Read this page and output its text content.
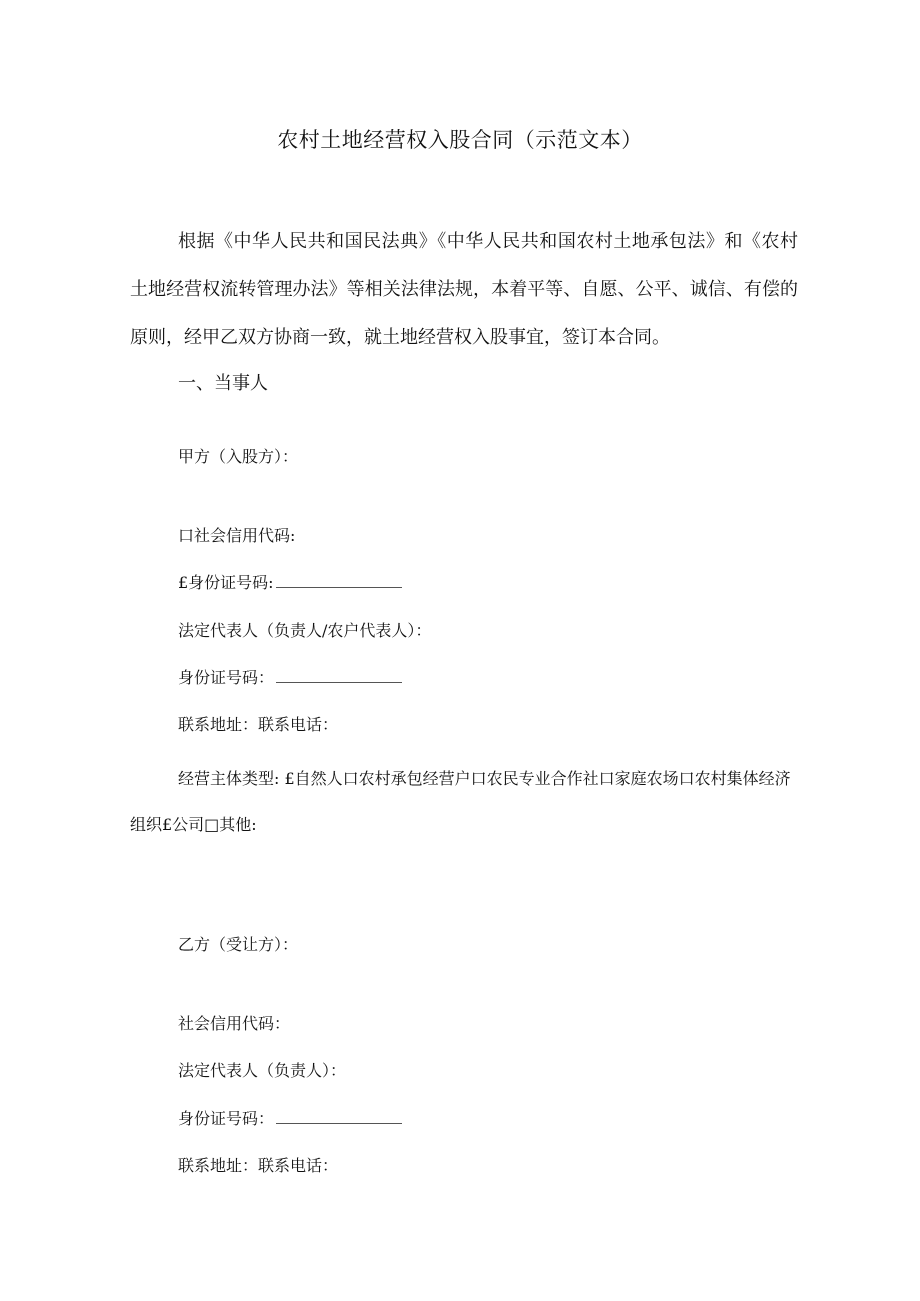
农村土地经营权入股合同（示范文本）

根据《中华人民共和国民法典》《中华人民共和国农村土地承包法》和《农村土地经营权流转管理办法》等相关法律法规，本着平等、自愿、公平、诚信、有偿的原则，经甲乙双方协商一致，就土地经营权入股事宜，签订本合同。

一、当事人
甲方（入股方）：
口社会信用代码:
£身份证号码:
法定代表人（负责人/农户代表人）：
身份证号码：
联系地址：联系电话：

经营主体类型: £自然人口农村承包经营户口农民专业合作社口家庭农场口农村集体经济组织£公司□其他:

乙方（受让方）：
社会信用代码：
法定代表人（负责人）：
身份证号码：
联系地址：联系电话：
